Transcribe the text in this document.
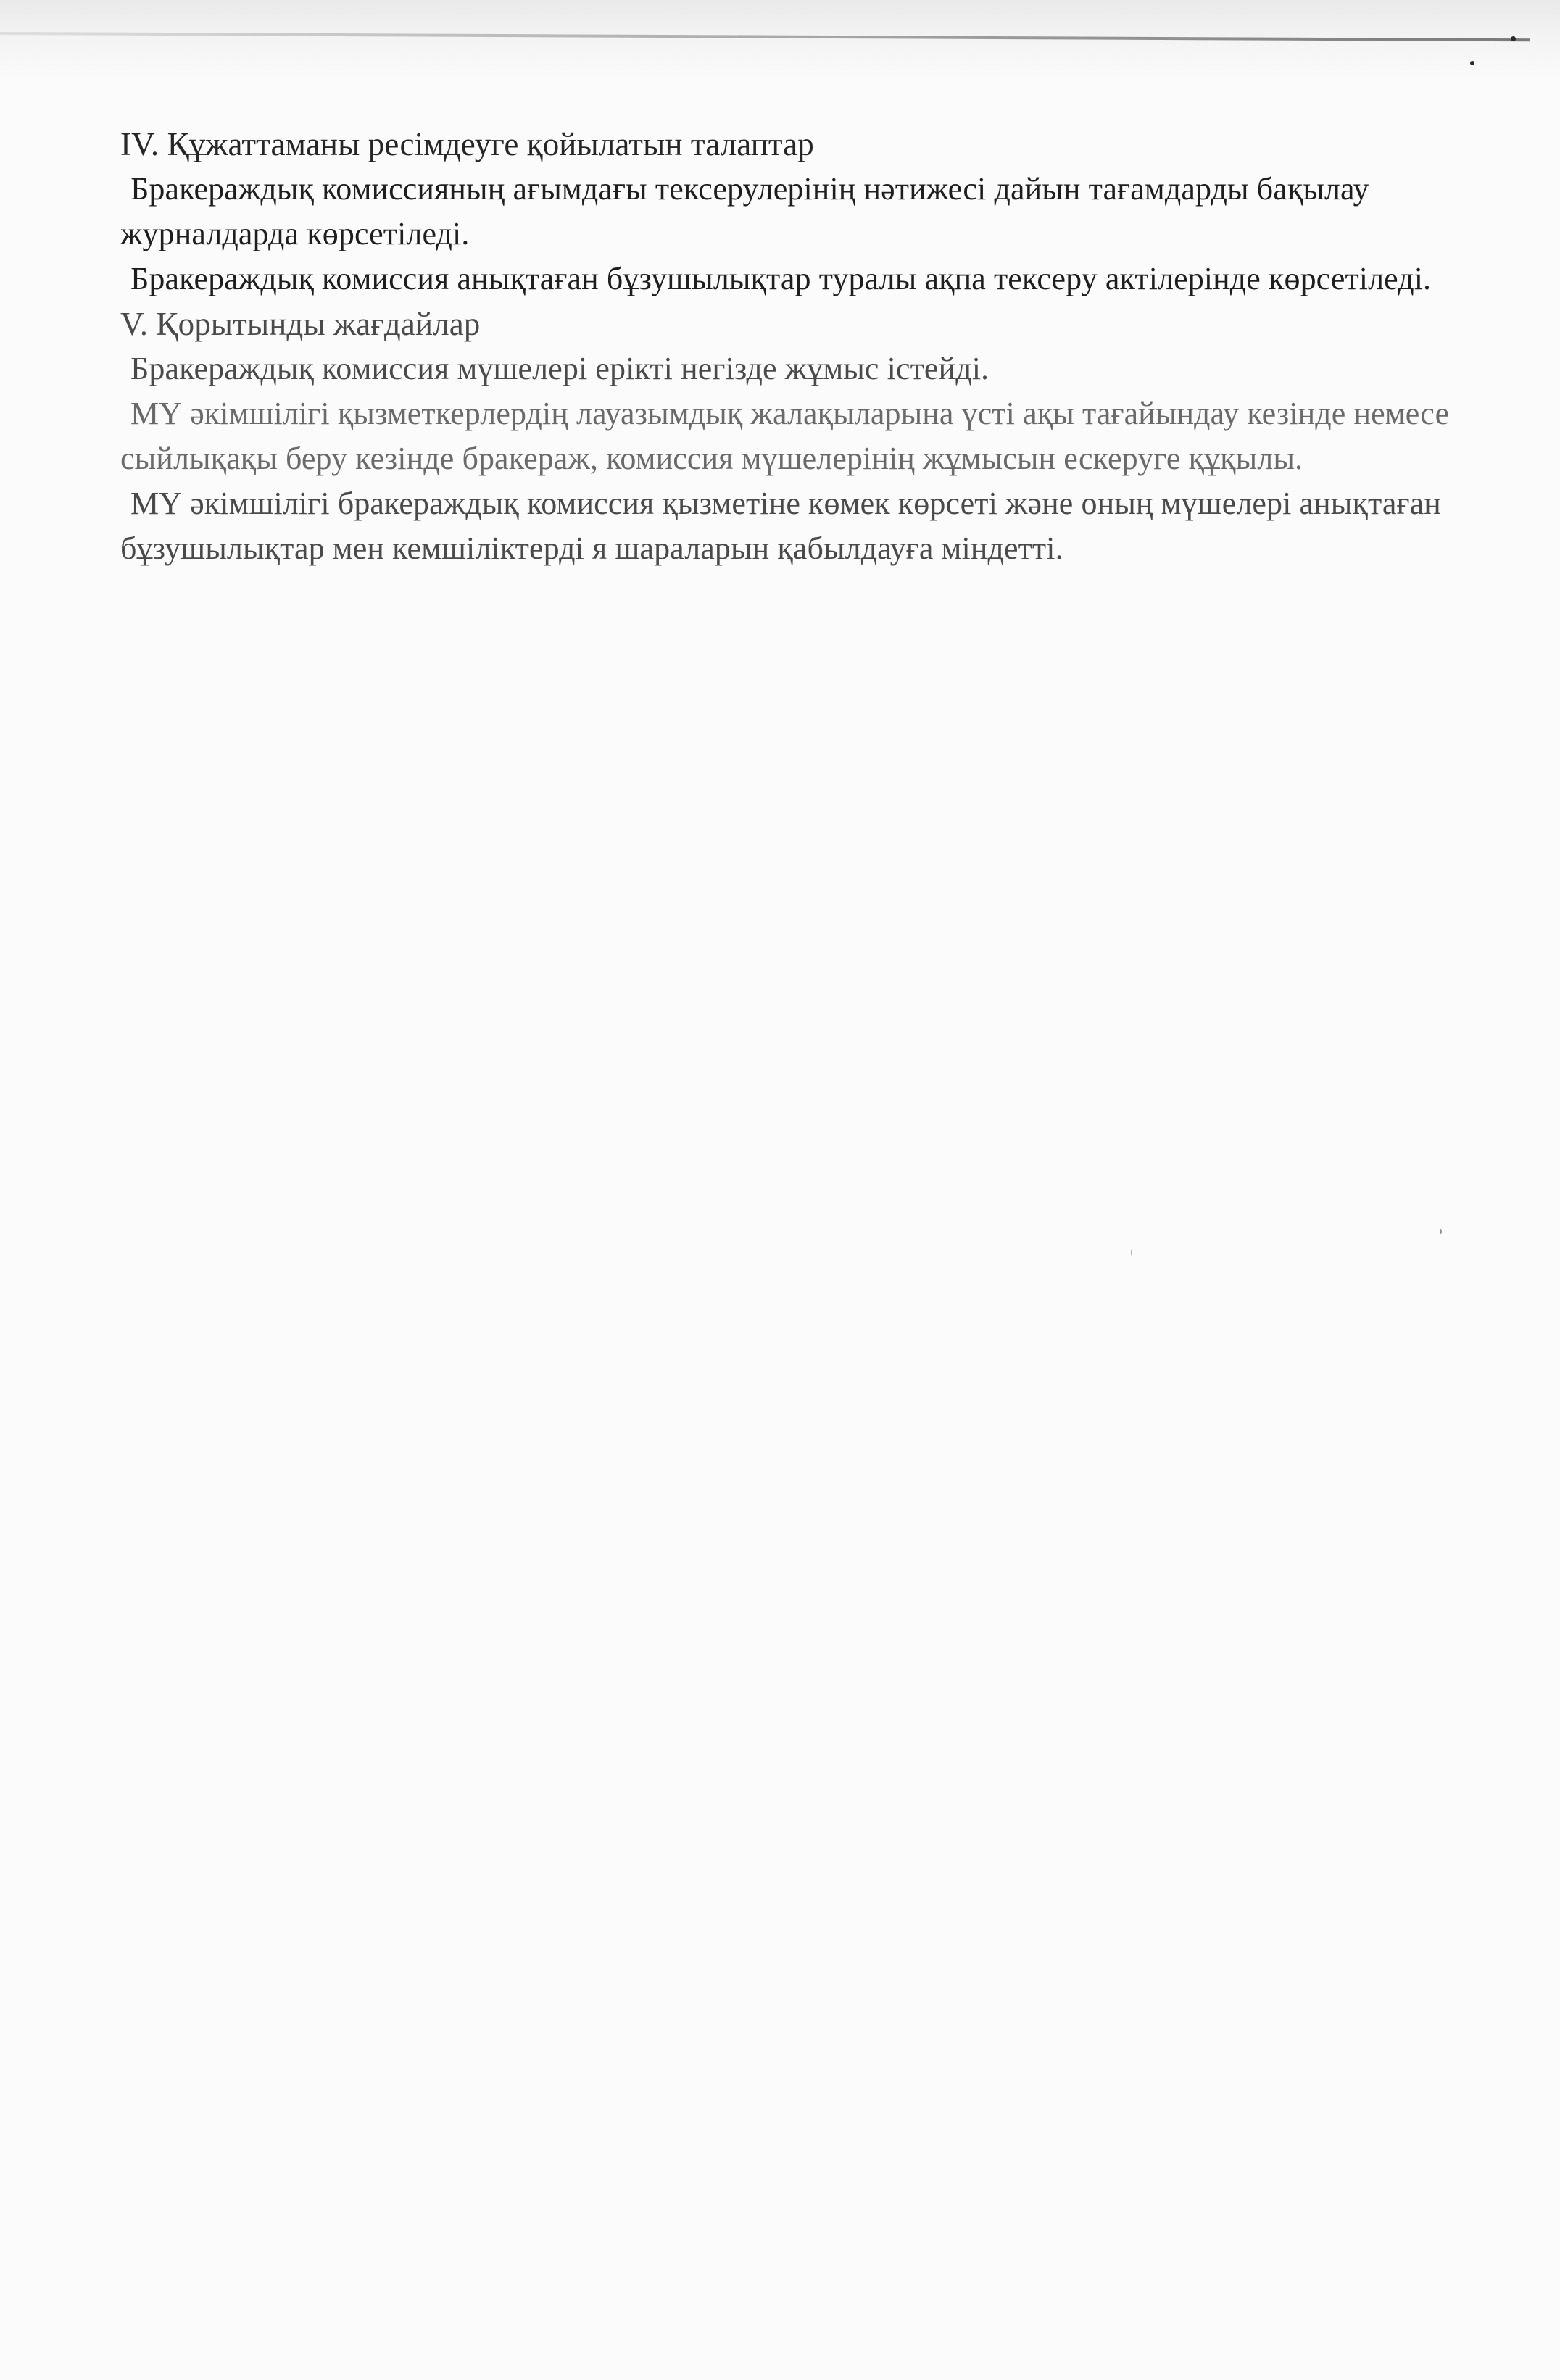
IV. Құжаттаманы ресімдеуге қойылатын талаптар

Бракераждық комиссияның ағымдағы тексерулерінің нәтижесі дайын тағамдарды бақылау журналдарда көрсетіледі.

Бракераждық комиссия анықтаған бұзушылықтар туралы ақпа тексеру актілерінде көрсетіледі.

V. Қорытынды жағдайлар

Бракераждық комиссия мүшелері ерікті негізде жұмыс істейді.

МҮ әкімшілігі қызметкерлердің лауазымдық жалақыларына үсті ақы тағайындау кезінде немесе сыйлықақы беру кезінде бракераж, комиссия мүшелерінің жұмысын ескеруге құқылы.

МҮ әкімшілігі бракераждық комиссия қызметіне көмек көрсеті және оның мүшелері анықтаған бұзушылықтар мен кемшіліктерді я шараларын қабылдауға міндетті.
